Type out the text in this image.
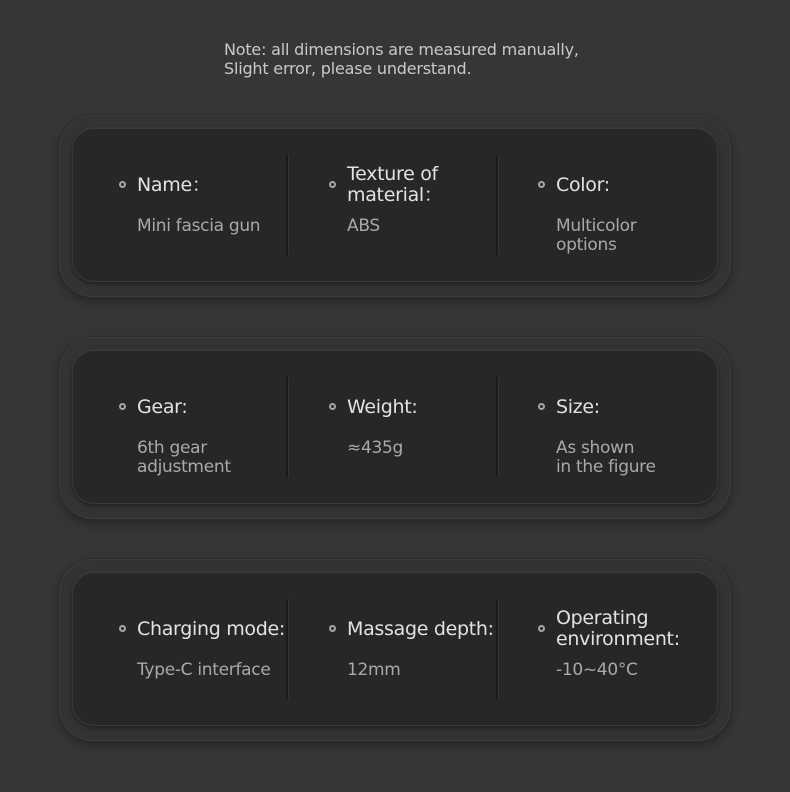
Note: all dimensions are measured manually,
Slight error, please understand.
Name：
Mini fascia gun
Texture of
material：
ABS
Color:
Multicolor
options
Gear:
6th gear
adjustment
Weight:
≈435g
Size:
As shown
in the figure
Charging mode:
Type-C interface
Massage depth:
12mm
Operating
environment:
-10~40°C
